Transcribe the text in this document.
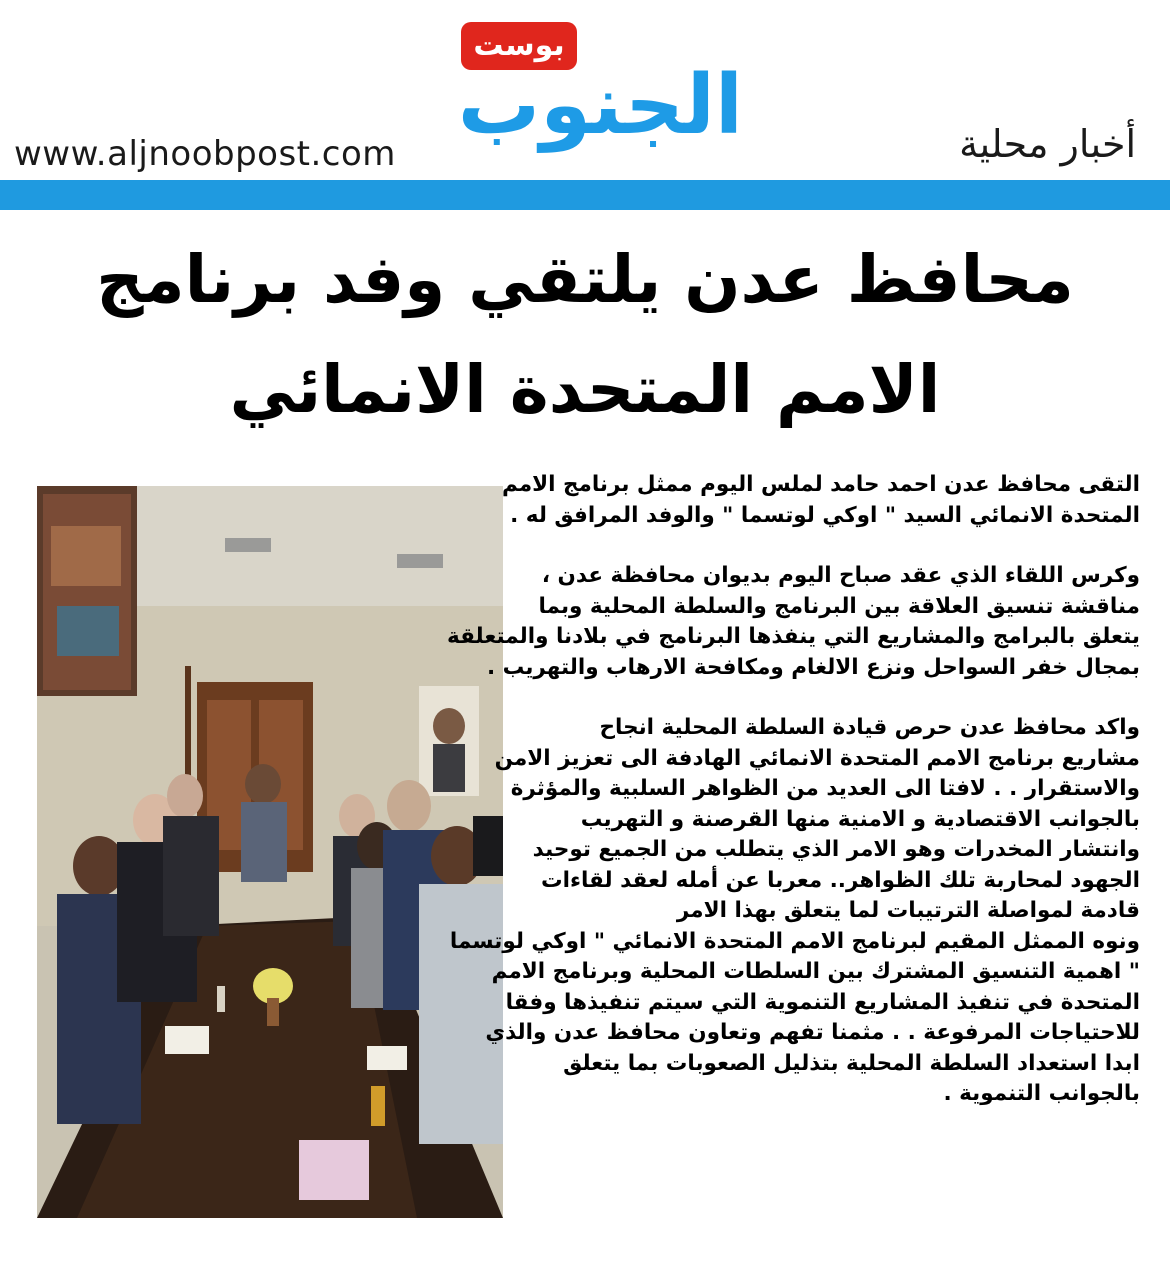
بوست
الجنوب
www.aljnoobpost.com	أخبار محلية
محافظ عدن يلتقي وفد برنامج
الامم المتحدة الانمائي

التقى محافظ عدن احمد حامد لملس اليوم ممثل برنامج الامم

المتحدة الانمائي السيد " اوكي لوتسما " والوفد المرافق له .

وكرس اللقاء الذي عقد صباح اليوم بديوان محافظة عدن ،

مناقشة تنسيق العلاقة بين البرنامج والسلطة المحلية وبما

يتعلق بالبرامج والمشاريع التي ينفذها البرنامج في بلادنا والمتعلقة

بمجال خفر السواحل ونزع الالغام ومكافحة الارهاب والتهريب .

واكد محافظ عدن حرص قيادة السلطة المحلية انجاح

مشاريع برنامج الامم المتحدة الانمائي الهادفة الى تعزيز الامن

والاستقرار . . لافتا الى العديد من الظواهر السلبية والمؤثرة

بالجوانب الاقتصادية و الامنية منها القرصنة و التهريب

وانتشار المخدرات وهو الامر الذي يتطلب من الجميع توحيد

الجهود لمحاربة تلك الظواهر.. معربا عن أمله لعقد لقاءات

قادمة لمواصلة الترتيبات لما يتعلق بهذا الامر

ونوه الممثل المقيم لبرنامج الامم المتحدة الانمائي " اوكي لوتسما

" اهمية التنسيق المشترك بين السلطات المحلية وبرنامج الامم

المتحدة في تنفيذ المشاريع التنموية التي سيتم تنفيذها وفقا

للاحتياجات المرفوعة . . مثمنا تفهم وتعاون محافظ عدن والذي

ابدا استعداد السلطة المحلية بتذليل الصعوبات بما يتعلق

بالجوانب التنموية .
